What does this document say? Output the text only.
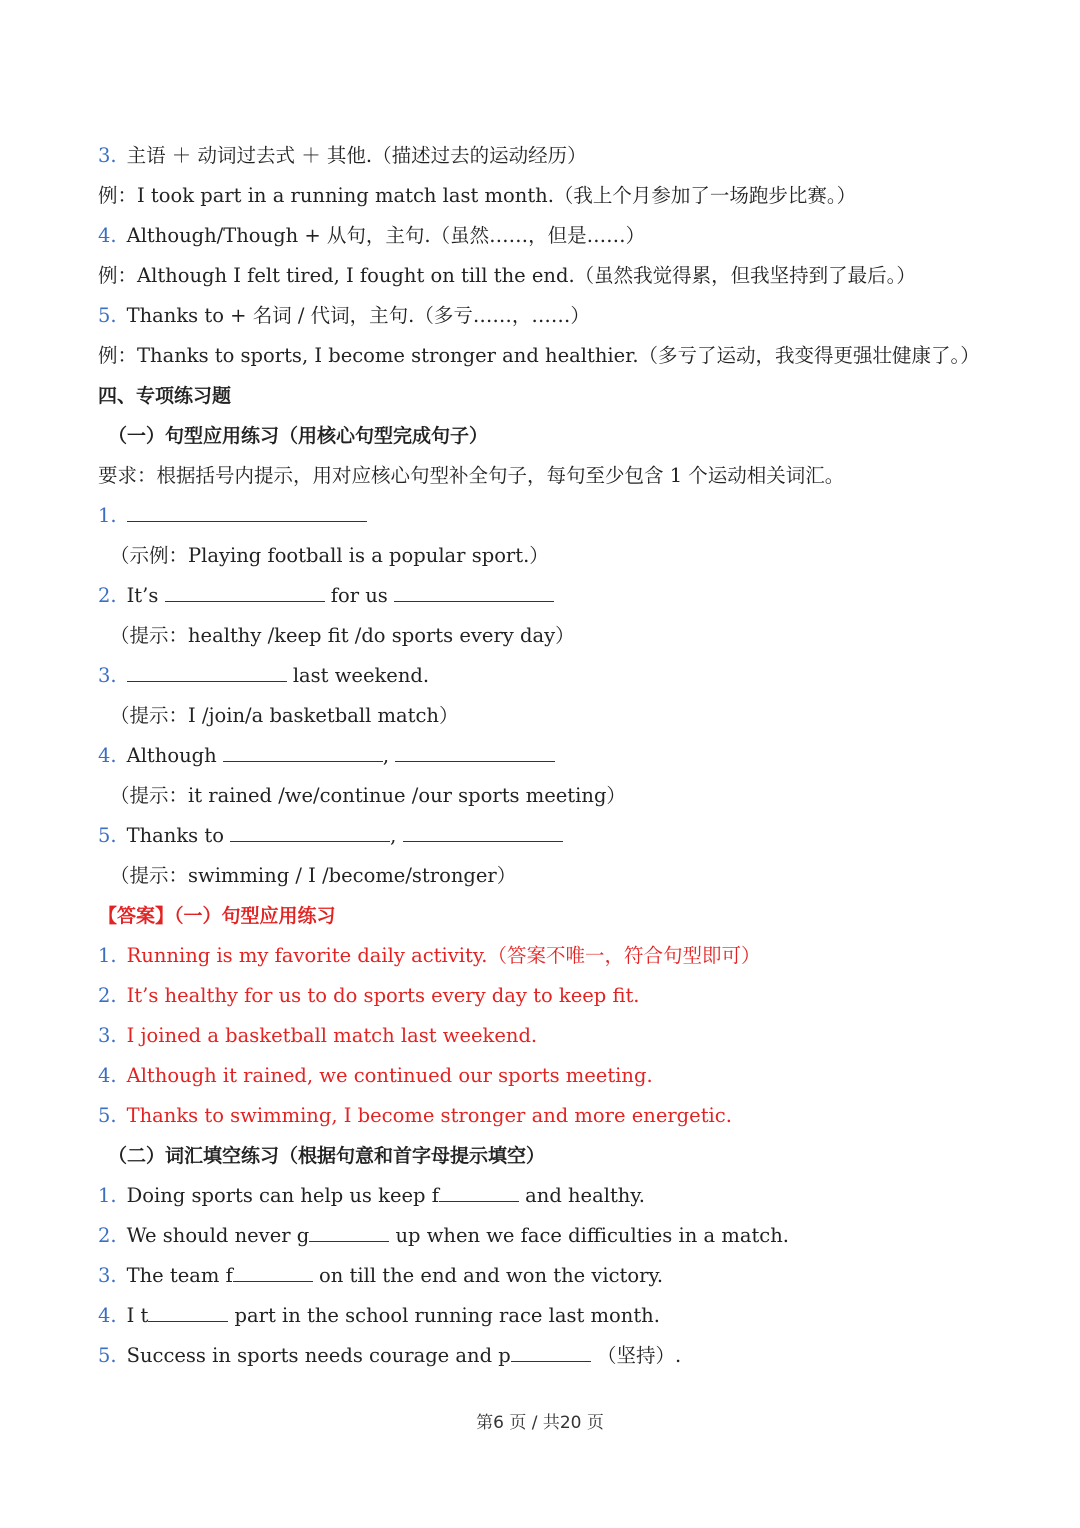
3. 主语 ＋ 动词过去式 ＋ 其他.（描述过去的运动经历）
例：I took part in a running match last month.（我上个月参加了一场跑步比赛。）
4. Although/Though + 从句，主句.（虽然……，但是……）
例：Although I felt tired, I fought on till the end.（虽然我觉得累，但我坚持到了最后。）
5. Thanks to + 名词 / 代词，主句.（多亏……，……）
例：Thanks to sports, I become stronger and healthier.（多亏了运动，我变得更强壮健康了。）
四、专项练习题
（一）句型应用练习（用核心句型完成句子）
要求：根据括号内提示，用对应核心句型补全句子，每句至少包含 1 个运动相关词汇。
1.
（示例：Playing football is a popular sport.）
2. It’s	for us
（提示：healthy /keep fit /do sports every day）
3.	last weekend.
（提示：I /join/a basketball match）
4. Although	,
（提示：it rained /we/continue /our sports meeting）
5. Thanks to	,
（提示：swimming / I /become/stronger）
【答案】（一）句型应用练习
1. Running is my favorite daily activity.（答案不唯一，符合句型即可）
2. It’s healthy for us to do sports every day to keep fit.
3. I joined a basketball match last weekend.
4. Although it rained, we continued our sports meeting.
5. Thanks to swimming, I become stronger and more energetic.
（二）词汇填空练习（根据句意和首字母提示填空）
1. Doing sports can help us keep f	and healthy.
2. We should never g	up when we face difficulties in a match.
3. The team f	on till the end and won the victory.
4. I t	part in the school running race last month.
5. Success in sports needs courage and p	（坚持）.
第6 页 / 共20 页
